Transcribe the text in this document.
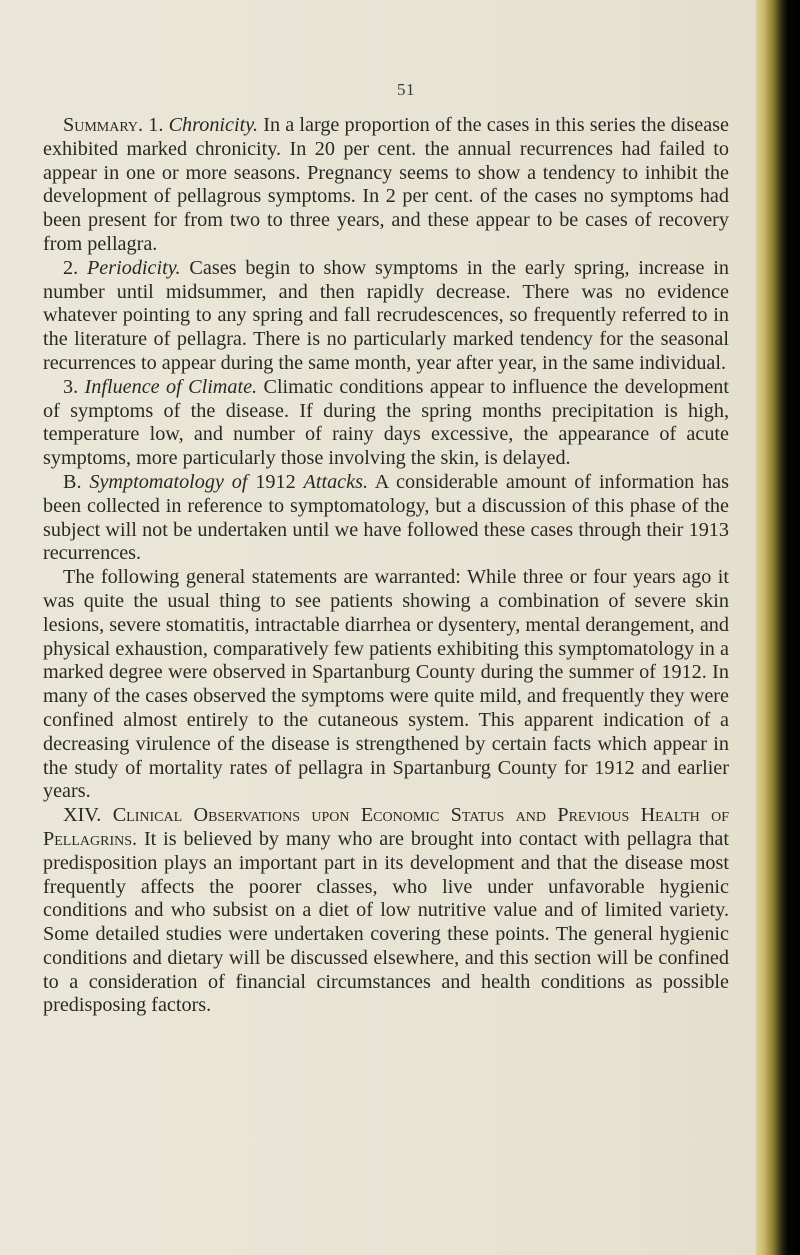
51

Summary. 1. Chronicity. In a large proportion of the cases in this series the disease exhibited marked chronicity. In 20 per cent. the annual recurrences had failed to appear in one or more seasons. Pregnancy seems to show a tendency to inhibit the development of pellagrous symptoms. In 2 per cent. of the cases no symptoms had been present for from two to three years, and these appear to be cases of recovery from pellagra.

2. Periodicity. Cases begin to show symptoms in the early spring, increase in number until midsummer, and then rapidly decrease. There was no evidence whatever pointing to any spring and fall recrudescences, so frequently referred to in the literature of pellagra. There is no particularly marked tendency for the seasonal recurrences to appear during the same month, year after year, in the same individual.

3. Influence of Climate. Climatic conditions appear to influence the development of symptoms of the disease. If during the spring months precipitation is high, temperature low, and number of rainy days excessive, the appearance of acute symptoms, more particularly those involving the skin, is delayed.

B. Symptomatology of 1912 Attacks. A considerable amount of information has been collected in reference to symptomatology, but a discussion of this phase of the subject will not be undertaken until we have followed these cases through their 1913 recurrences.

The following general statements are warranted: While three or four years ago it was quite the usual thing to see patients showing a combination of severe skin lesions, severe stomatitis, intractable diarrhea or dysentery, mental derangement, and physical exhaustion, comparatively few patients exhibiting this symptomatology in a marked degree were observed in Spartanburg County during the summer of 1912. In many of the cases observed the symptoms were quite mild, and frequently they were confined almost entirely to the cutaneous system. This apparent indication of a decreasing virulence of the disease is strengthened by certain facts which appear in the study of mortality rates of pellagra in Spartanburg County for 1912 and earlier years.

XIV. Clinical Observations upon Economic Status and Previous Health of Pellagrins. It is believed by many who are brought into contact with pellagra that predisposition plays an important part in its development and that the disease most frequently affects the poorer classes, who live under unfavorable hygienic conditions and who subsist on a diet of low nutritive value and of limited variety. Some detailed studies were undertaken covering these points. The general hygienic conditions and dietary will be discussed elsewhere, and this section will be confined to a consideration of financial circumstances and health conditions as possible predisposing factors.
